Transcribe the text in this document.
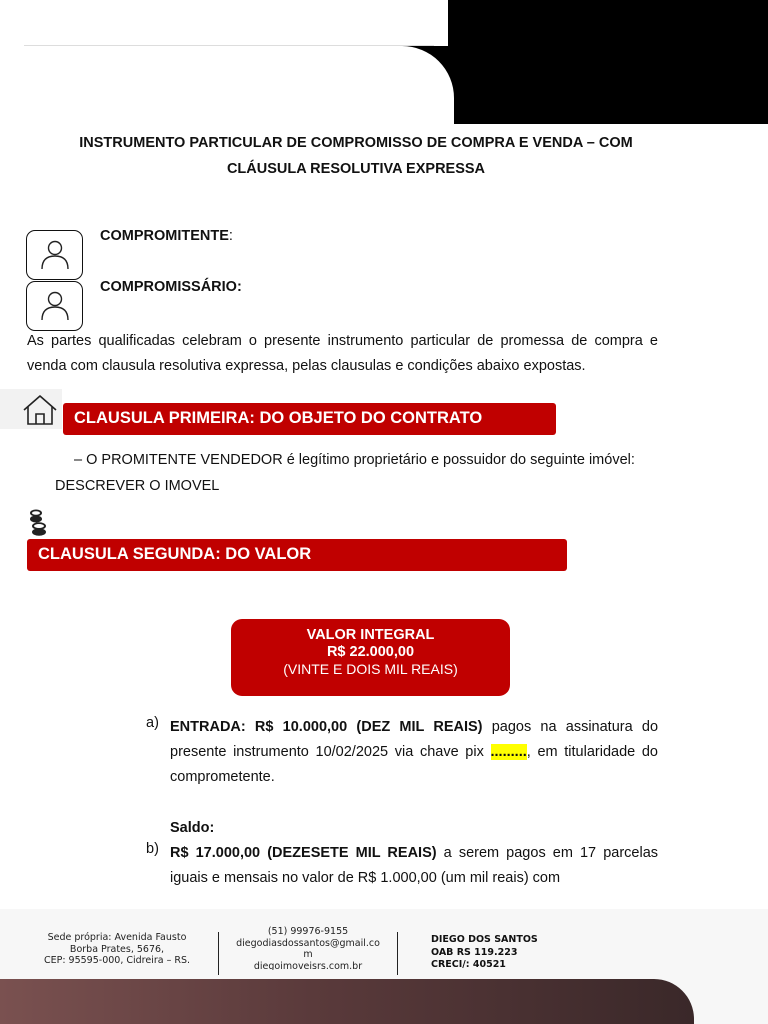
INSTRUMENTO PARTICULAR DE COMPROMISSO DE COMPRA E VENDA – COM
CLÁUSULA RESOLUTIVA EXPRESSA
COMPROMITENTE:
COMPROMISSÁRIO:
As partes qualificadas celebram o presente instrumento particular de promessa de compra e
venda com clausula resolutiva expressa, pelas clausulas e condições abaixo expostas.
CLAUSULA PRIMEIRA: DO OBJETO DO CONTRATO
– O PROMITENTE VENDEDOR é legítimo proprietário e possuidor do seguinte imóvel:
DESCREVER O IMOVEL
CLAUSULA SEGUNDA: DO VALOR
VALOR INTEGRAL
R$ 22.000,00
(VINTE E DOIS MIL REAIS)
a) ENTRADA: R$ 10.000,00 (DEZ MIL REAIS) pagos na assinatura do presente instrumento 10/02/2025 via chave pix ........., em titularidade do comprometente.
Saldo:
b) R$ 17.000,00 (DEZESETE MIL REAIS) a serem pagos em 17 parcelas iguais e mensais no valor de R$ 1.000,00 (um mil reais) com
Sede própria: Avenida Fausto
Borba Prates, 5676,
CEP: 95595-000, Cidreira – RS.
(51) 99976-9155
diegodiasdossantos@gmail.co
m
diegoimoveisrs.com.br
DIEGO DOS SANTOS
OAB RS 119.223
CRECI/: 40521
